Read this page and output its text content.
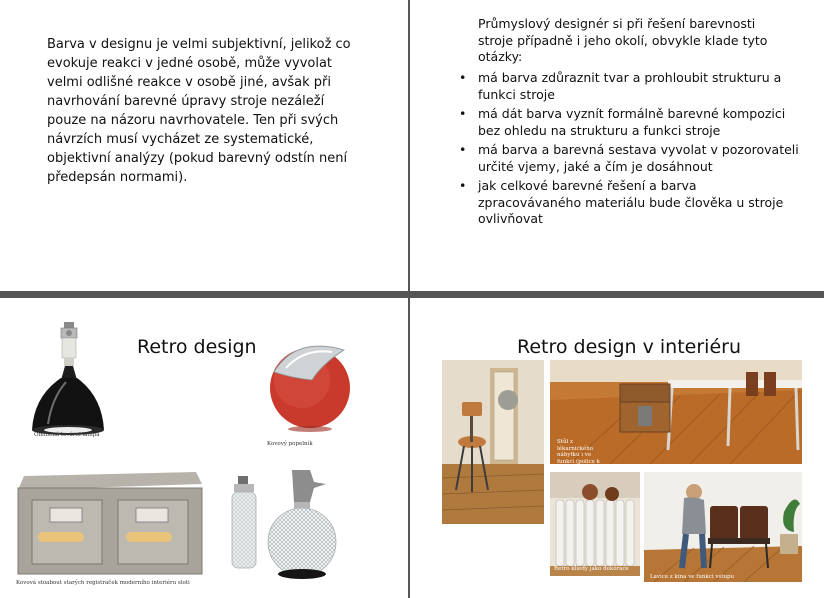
Barva v designu je velmi subjektivní, jelikož co
evokuje reakci v jedné osobě, může vyvolat
velmi odlišné reakce v osobě jiné, avšak při
navrhování barevné úpravy stroje nezáleží
pouze na názoru navrhovatele. Ten při svých
návrzích musí vycházet ze systematické,
objektivní analýzy (pokud barevný odstín není
předepsán normami).
Průmyslový designér si při řešení barevnosti
stroje případně i jeho okolí, obvykle klade tyto
otázky:
• má barva zdůraznit tvar a prohloubit strukturu a
funkci stroje
• má dát barva vyznít formálně barevné kompozici
bez ohledu na strukturu a funkci stroje
• má barva a barevná sestava vyvolat v pozorovateli
určité vjemy, jaké a čím je dosáhnout
• jak celkové barevné řešení a barva
zpracovávaného materiálu bude člověka u stroje
ovlivňovat
Retro design
Oblíbená továrni lampa
Kovový popelník
Kovová stoabout starých registraček moderního interiéru sloti
Retro design v interiéru
Stůl z lékarnického nábytku i ve funkci (police k sezení)
Retro kliedy jako dekorace
Lavice z kina ve funkci vstupu
